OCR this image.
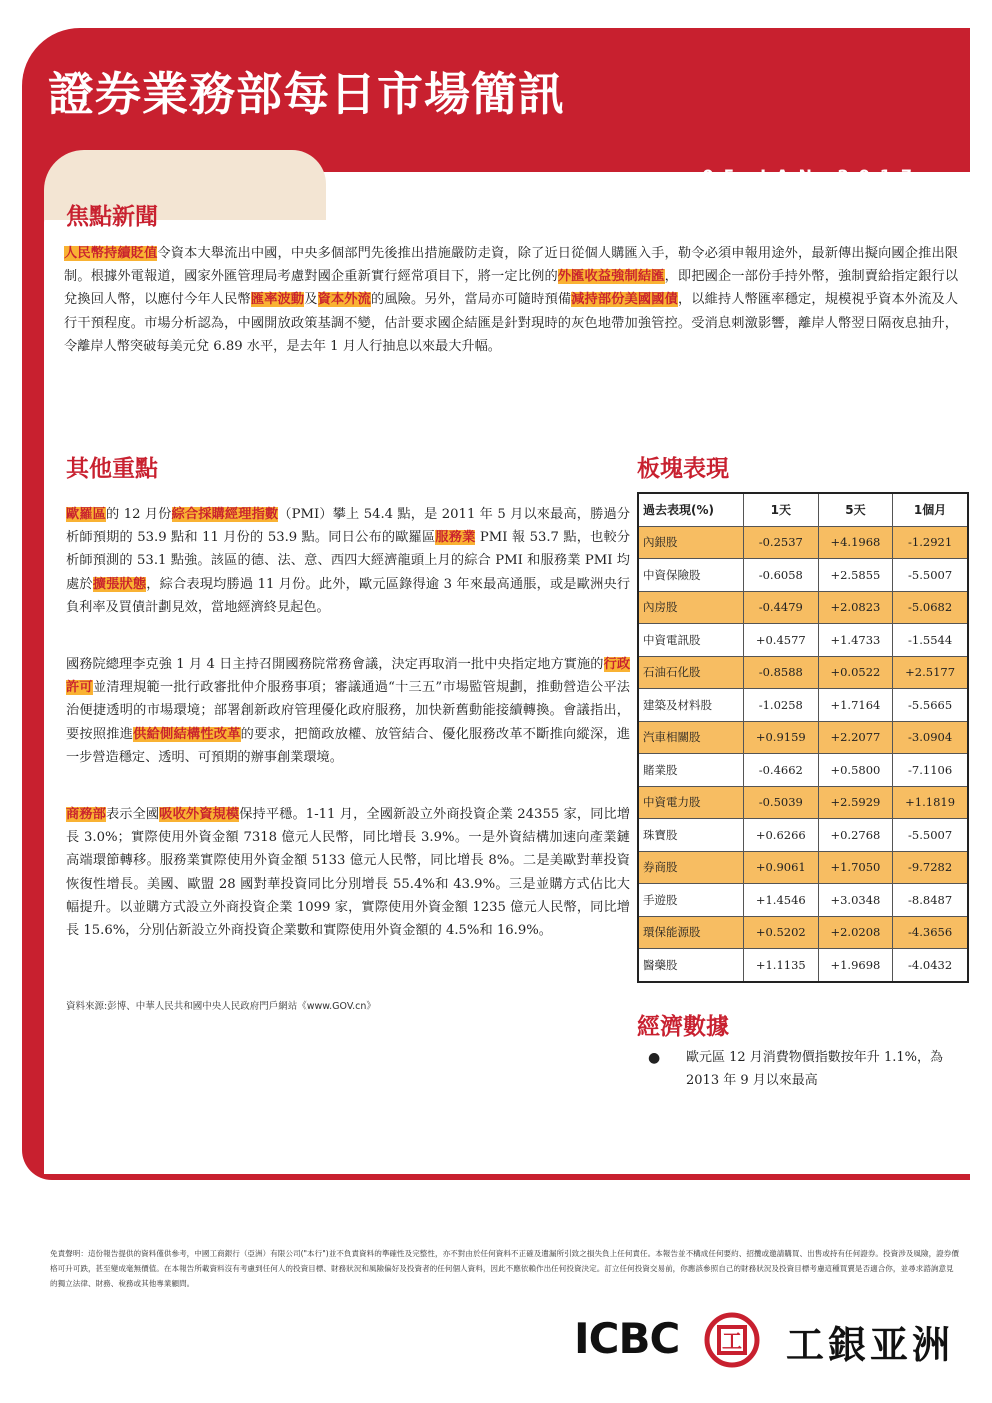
證券業務部每日市場簡訊
05 JAN 2017
焦點新聞

人民幣持續貶值令資本大舉流出中國，中央多個部門先後推出措施嚴防走資，除了近日從個人購匯入手，勒令必須申報用途外，最新傳出擬向國企推出限制。根據外電報道，國家外匯管理局考慮對國企重新實行經常項目下，將一定比例的外匯收益強制結匯，即把國企一部份手持外幣，強制賣給指定銀行以兌換回人幣，以應付今年人民幣匯率波動及資本外流的風險。另外，當局亦可隨時預備減持部份美國國債，以維持人幣匯率穩定，規模視乎資本外流及人行干預程度。市場分析認為，中國開放政策基調不變，估計要求國企結匯是針對現時的灰色地帶加強管控。受消息刺激影響，離岸人幣翌日隔夜息抽升，令離岸人幣突破每美元兌 6.89 水平，是去年 1 月人行抽息以來最大升幅。

其他重點

歐羅區的 12 月份綜合採購經理指數（PMI）攀上 54.4 點，是 2011 年 5 月以來最高，勝過分析師預期的 53.9 點和 11 月份的 53.9 點。同日公布的歐羅區服務業 PMI 報 53.7 點，也較分析師預測的 53.1 點強。該區的德、法、意、西四大經濟龍頭上月的綜合 PMI 和服務業 PMI 均處於擴張狀態，綜合表現均勝過 11 月份。此外，歐元區錄得逾 3 年來最高通脹，或是歐洲央行負利率及買債計劃見效，當地經濟終見起色。

國務院總理李克強 1 月 4 日主持召開國務院常務會議，決定再取消一批中央指定地方實施的行政許可並清理規範一批行政審批仲介服務事項；審議通過“十三五”市場監管規劃，推動營造公平法治便捷透明的市場環境；部署創新政府管理優化政府服務，加快新舊動能接續轉換。會議指出，要按照推進供給側結構性改革的要求，把簡政放權、放管結合、優化服務改革不斷推向縱深，進一步營造穩定、透明、可預期的辦事創業環境。

商務部表示全國吸收外資規模保持平穩。1-11 月，全國新設立外商投資企業 24355 家，同比增長 3.0%；實際使用外資金額 7318 億元人民幣，同比增長 3.9%。一是外資結構加速向產業鏈高端環節轉移。服務業實際使用外資金額 5133 億元人民幣，同比增長 8%。二是美歐對華投資恢復性增長。美國、歐盟 28 國對華投資同比分別增長 55.4%和 43.9%。三是並購方式佔比大幅提升。以並購方式設立外商投資企業 1099 家，實際使用外資金額 1235 億元人民幣，同比增長 15.6%，分別佔新設立外商投資企業數和實際使用外資金額的 4.5%和 16.9%。

資料來源:彭博、中華人民共和國中央人民政府門戶網站《www.GOV.cn》
板塊表現
過去表現(%)	1天	5天	1個月
內銀股	-0.2537	+4.1968	-1.2921
中資保險股	-0.6058	+2.5855	-5.5007
內房股	-0.4479	+2.0823	-5.0682
中資電訊股	+0.4577	+1.4733	-1.5544
石油石化股	-0.8588	+0.0522	+2.5177
建築及材料股	-1.0258	+1.7164	-5.5665
汽車相關股	+0.9159	+2.2077	-3.0904
賭業股	-0.4662	+0.5800	-7.1106
中資電力股	-0.5039	+2.5929	+1.1819
珠寶股	+0.6266	+0.2768	-5.5007
券商股	+0.9061	+1.7050	-9.7282
手遊股	+1.4546	+3.0348	-8.8487
環保能源股	+0.5202	+2.0208	-4.3656
醫藥股	+1.1135	+1.9698	-4.0432
經濟數據
● 歐元區 12 月消費物價指數按年升 1.1%，為 2013 年 9 月以來最高

免責聲明：這份報告提供的資料僅供參考，中國工商銀行（亞洲）有限公司("本行")並不負責資料的準確性及完整性，亦不對由於任何資料不正確及遺漏所引致之損失負上任何責任。本報告並不構成任何要約、招攬或邀請購買、出售或持有任何證券。投資涉及風險，證券價格可升可跌，甚至變成毫無價值。在本報告所載資料沒有考慮到任何人的投資目標、財務狀況和風險偏好及投資者的任何個人資料，因此不應依賴作出任何投資決定。訂立任何投資交易前，你應該參照自己的財務狀況及投資目標考慮這種買賣是否適合你，並尋求諮詢意見的獨立法律、財務、稅務或其他專業顧問。

ICBC 工 工銀亚洲
